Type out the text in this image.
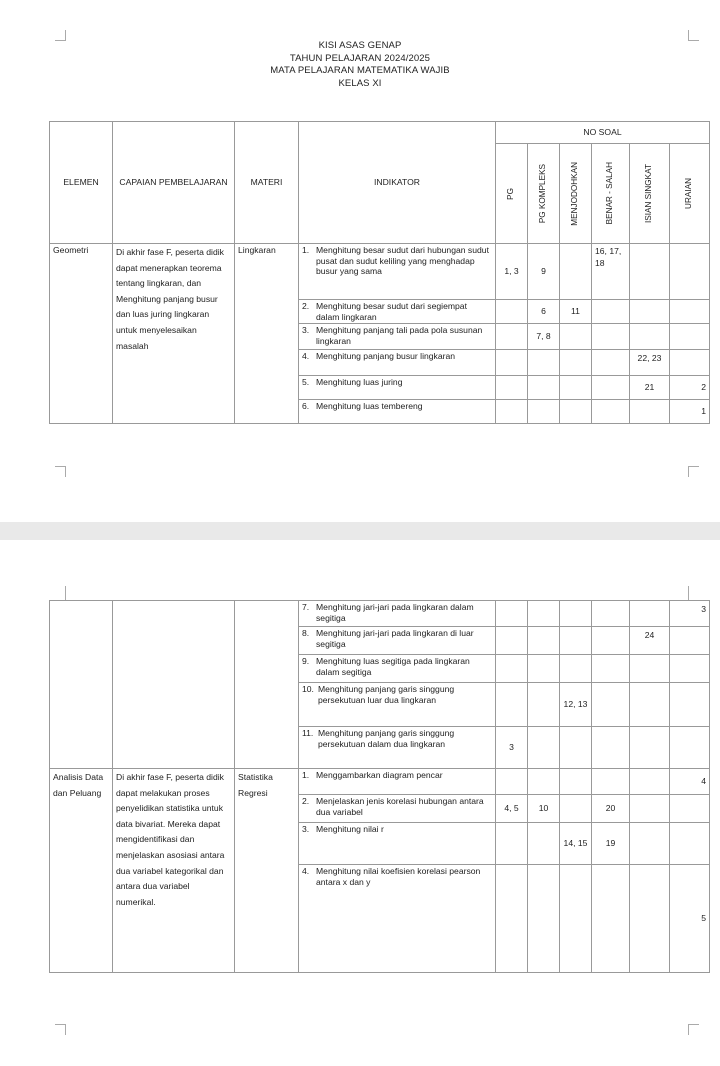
KISI ASAS GENAP
TAHUN PELAJARAN 2024/2025
MATA PELAJARAN MATEMATIKA WAJIB
KELAS XI
ELEMEN	CAPAIAN PEMBELAJARAN	MATERI	INDIKATOR	NO SOAL					

				PG	PG KOMPLEKS	MENJODOHKAN	BENAR - SALAH	ISIAN SINGKAT	URAIAN

Geometri	Di akhir fase F, peserta didik dapat menerapkan teorema tentang lingkaran, dan Menghitung panjang busur dan luas juring lingkaran untuk menyelesaikan masalah	Lingkaran	1. Menghitung besar sudut dari hubungan sudut pusat dan sudut keliling yang menghadap busur yang sama	1, 3	9		16, 17, 18		

			2. Menghitung besar sudut dari segiempat dalam lingkaran		6	11			

			3. Menghitung panjang tali pada pola susunan lingkaran		7, 8				

			4. Menghitung panjang busur lingkaran					22, 23	

			5. Menghitung luas juring					21	2

			6. Menghitung luas tembereng						1

			7. Menghitung jari-jari pada lingkaran dalam segitiga						3

			8. Menghitung jari-jari pada lingkaran di luar segitiga					24	

			9. Menghitung luas segitiga pada lingkaran dalam segitiga						

			10. Menghitung panjang garis singgung persekutuan luar dua lingkaran			12, 13			

			11. Menghitung panjang garis singgung persekutuan dalam dua lingkaran	3					
Analisis Data dan Peluang	Di akhir fase F, peserta didik dapat melakukan proses penyelidikan statistika untuk data bivariat. Mereka dapat mengidentifikasi dan menjelaskan asosiasi antara dua variabel kategorikal dan antara dua variabel numerikal.	Statistika Regresi	1. Menggambarkan diagram pencar						4

			2. Menjelaskan jenis korelasi hubungan antara dua variabel	4, 5	10		20		

			3. Menghitung nilai r			14, 15	19		

			4. Menghitung nilai koefisien korelasi pearson antara x dan y						5
